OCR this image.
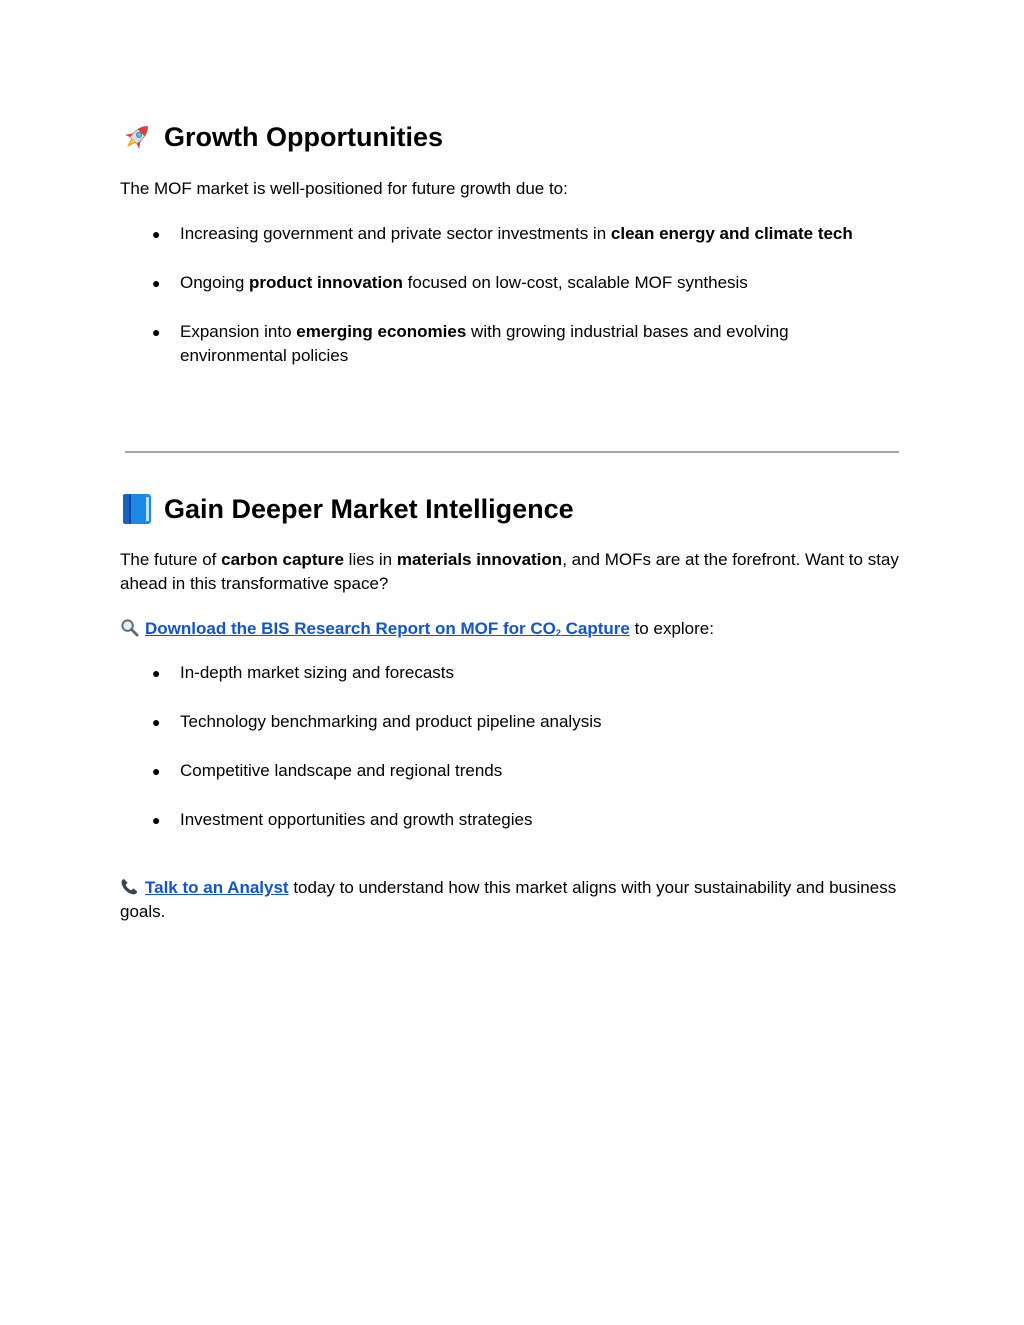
Growth Opportunities

The MOF market is well-positioned for future growth due to:

● Increasing government and private sector investments in clean energy and climate tech
● Ongoing product innovation focused on low-cost, scalable MOF synthesis
● Expansion into emerging economies with growing industrial bases and evolving environmental policies
Gain Deeper Market Intelligence

The future of carbon capture lies in materials innovation, and MOFs are at the forefront. Want to stay ahead in this transformative space?

Download the BIS Research Report on MOF for $CO_2$ Capture to explore:

● In-depth market sizing and forecasts
● Technology benchmarking and product pipeline analysis
● Competitive landscape and regional trends
● Investment opportunities and growth strategies

Talk to an Analyst today to understand how this market aligns with your sustainability and business goals.
